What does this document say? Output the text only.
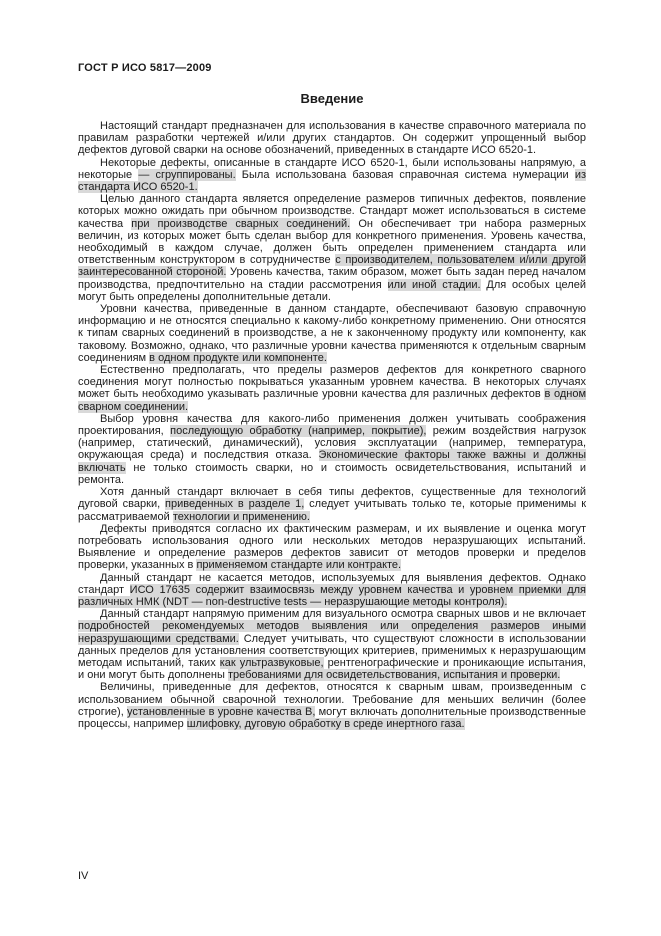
ГОСТ Р ИСО 5817—2009
Введение

Настоящий стандарт предназначен для использования в качестве справочного материала по правилам разработки чертежей и/или других стандартов. Он содержит упрощенный выбор дефектов дуговой сварки на основе обозначений, приведенных в стандарте ИСО 6520-1.

Некоторые дефекты, описанные в стандарте ИСО 6520-1, были использованы напрямую, а некоторые — сгруппированы. Была использована базовая справочная система нумерации из стандарта ИСО 6520-1.

Целью данного стандарта является определение размеров типичных дефектов, появление которых можно ожидать при обычном производстве. Стандарт может использоваться в системе качества при производстве сварных соединений. Он обеспечивает три набора размерных величин, из которых может быть сделан выбор для конкретного применения. Уровень качества, необходимый в каждом случае, должен быть определен применением стандарта или ответственным конструктором в сотрудничестве с производителем, пользователем и/или другой заинтересованной стороной. Уровень качества, таким образом, может быть задан перед началом производства, предпочтительно на стадии рассмотрения или иной стадии. Для особых целей могут быть определены дополнительные детали.

Уровни качества, приведенные в данном стандарте, обеспечивают базовую справочную информацию и не относятся специально к какому-либо конкретному применению. Они относятся к типам сварных соединений в производстве, а не к законченному продукту или компоненту, как таковому. Возможно, однако, что различные уровни качества применяются к отдельным сварным соединениям в одном продукте или компоненте.

Естественно предполагать, что пределы размеров дефектов для конкретного сварного соединения могут полностью покрываться указанным уровнем качества. В некоторых случаях может быть необходимо указывать различные уровни качества для различных дефектов в одном сварном соединении.

Выбор уровня качества для какого-либо применения должен учитывать соображения проектирования, последующую обработку (например, покрытие), режим воздействия нагрузок (например, статический, динамический), условия эксплуатации (например, температура, окружающая среда) и последствия отказа. Экономические факторы также важны и должны включать не только стоимость сварки, но и стоимость освидетельствования, испытаний и ремонта.

Хотя данный стандарт включает в себя типы дефектов, существенные для технологий дуговой сварки, приведенных в разделе 1, следует учитывать только те, которые применимы к рассматриваемой технологии и применению.

Дефекты приводятся согласно их фактическим размерам, и их выявление и оценка могут потребовать использования одного или нескольких методов неразрушающих испытаний. Выявление и определение размеров дефектов зависит от методов проверки и пределов проверки, указанных в применяемом стандарте или контракте.

Данный стандарт не касается методов, используемых для выявления дефектов. Однако стандарт ИСО 17635 содержит взаимосвязь между уровнем качества и уровнем приемки для различных НМК (NDT — non-destructive tests — неразрушающие методы контроля).

Данный стандарт напрямую применим для визуального осмотра сварных швов и не включает подробностей рекомендуемых методов выявления или определения размеров иными неразрушающими средствами. Следует учитывать, что существуют сложности в использовании данных пределов для установления соответствующих критериев, применимых к неразрушающим методам испытаний, таких как ультразвуковые, рентгенографические и проникающие испытания, и они могут быть дополнены требованиями для освидетельствования, испытания и проверки.

Величины, приведенные для дефектов, относятся к сварным швам, произведенным с использованием обычной сварочной технологии. Требование для меньших величин (более строгие), установленные в уровне качества B, могут включать дополнительные производственные процессы, например шлифовку, дуговую обработку в среде инертного газа.

IV
